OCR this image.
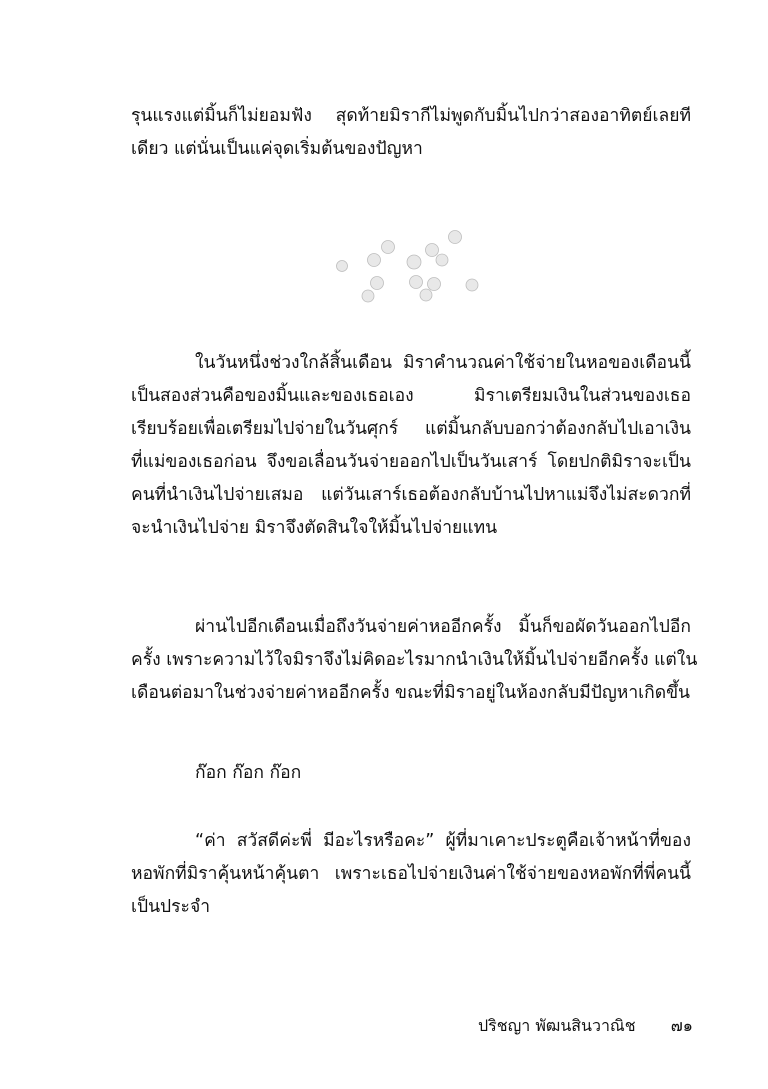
รุนแรงแต่มิ้นก็ไม่ยอมฟัง สุดท้ายมิรากีไม่พูดกับมิ้นไปกว่าสองอาทิตย์เลยที
เดียว แต่นั่นเป็นแค่จุดเริ่มต้นของปัญหา
ในวันหนึ่งช่วงใกล้สิ้นเดือน มิราคำนวณค่าใช้จ่ายในหอของเดือนนี้
เป็นสองส่วนคือของมิ้นและของเธอเอง มิราเตรียมเงินในส่วนของเธอ
เรียบร้อยเพื่อเตรียมไปจ่ายในวันศุกร์ แต่มิ้นกลับบอกว่าต้องกลับไปเอาเงิน
ที่แม่ของเธอก่อน จึงขอเลื่อนวันจ่ายออกไปเป็นวันเสาร์ โดยปกติมิราจะเป็น
คนที่นำเงินไปจ่ายเสมอ แต่วันเสาร์เธอต้องกลับบ้านไปหาแม่จึงไม่สะดวกที่
จะนำเงินไปจ่าย มิราจึงตัดสินใจให้มิ้นไปจ่ายแทน
ผ่านไปอีกเดือนเมื่อถึงวันจ่ายค่าหออีกครั้ง มิ้นก็ขอผัดวันออกไปอีก
ครั้ง เพราะความไว้ใจมิราจึงไม่คิดอะไรมากนำเงินให้มิ้นไปจ่ายอีกครั้ง แต่ใน
เดือนต่อมาในช่วงจ่ายค่าหออีกครั้ง ขณะที่มิราอยู่ในห้องกลับมีปัญหาเกิดขึ้น
ก๊อก ก๊อก ก๊อก
“ค่า สวัสดีค่ะพี่ มีอะไรหรือคะ” ผู้ที่มาเคาะประตูคือเจ้าหน้าที่ของ
หอพักที่มิราคุ้นหน้าคุ้นตา เพราะเธอไปจ่ายเงินค่าใช้จ่ายของหอพักที่พี่คนนี้
เป็นประจำ
ปริชญา พัฒนสินวาณิช ๗๑
